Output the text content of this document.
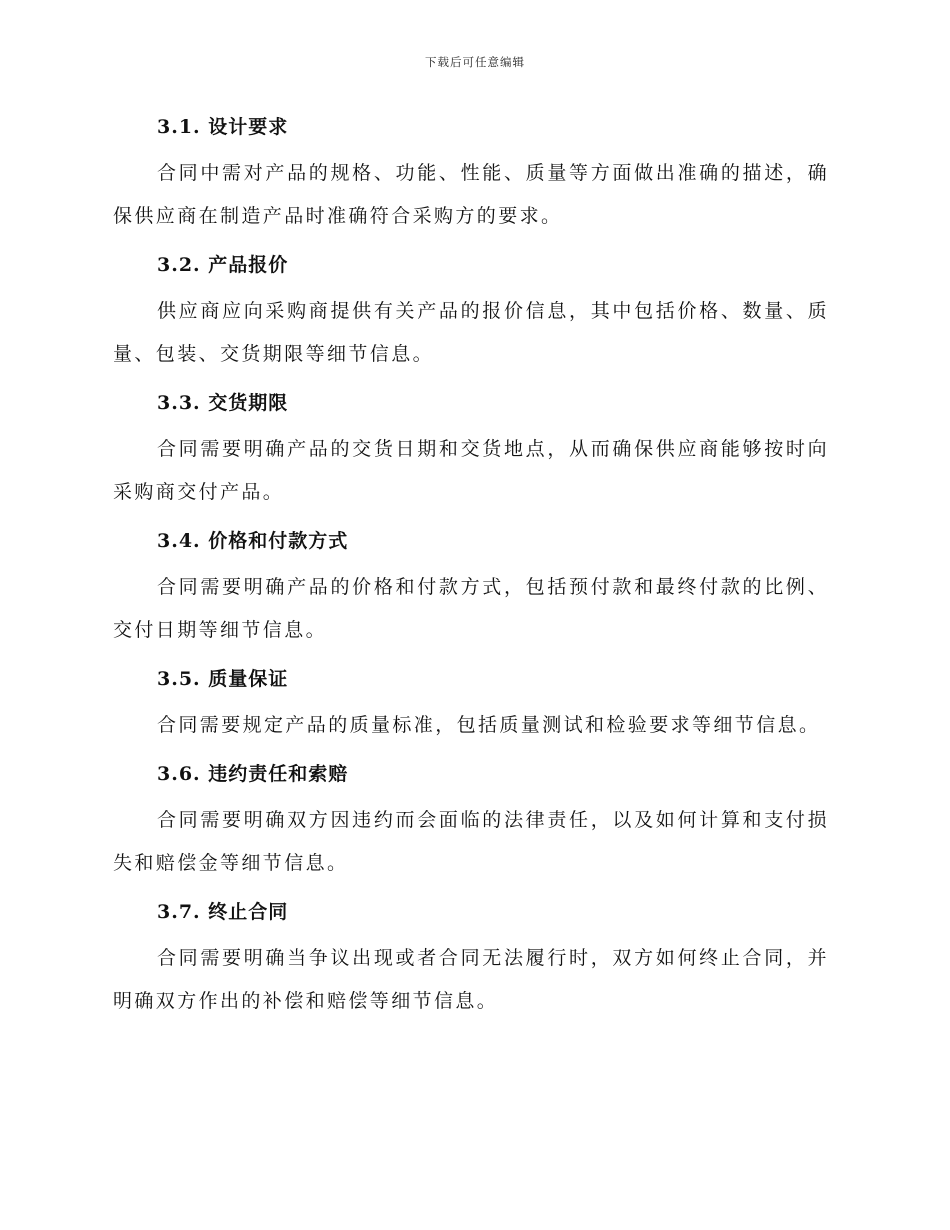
下载后可任意编辑
3.1. 设计要求

合同中需对产品的规格、功能、性能、质量等方面做出准确的描述，确保供应商在制造产品时准确符合采购方的要求。

3.2. 产品报价

供应商应向采购商提供有关产品的报价信息，其中包括价格、数量、质量、包装、交货期限等细节信息。

3.3. 交货期限

合同需要明确产品的交货日期和交货地点，从而确保供应商能够按时向采购商交付产品。

3.4. 价格和付款方式

合同需要明确产品的价格和付款方式，包括预付款和最终付款的比例、交付日期等细节信息。

3.5. 质量保证

合同需要规定产品的质量标准，包括质量测试和检验要求等细节信息。

3.6. 违约责任和索赔

合同需要明确双方因违约而会面临的法律责任，以及如何计算和支付损失和赔偿金等细节信息。

3.7. 终止合同

合同需要明确当争议出现或者合同无法履行时，双方如何终止合同，并明确双方作出的补偿和赔偿等细节信息。
